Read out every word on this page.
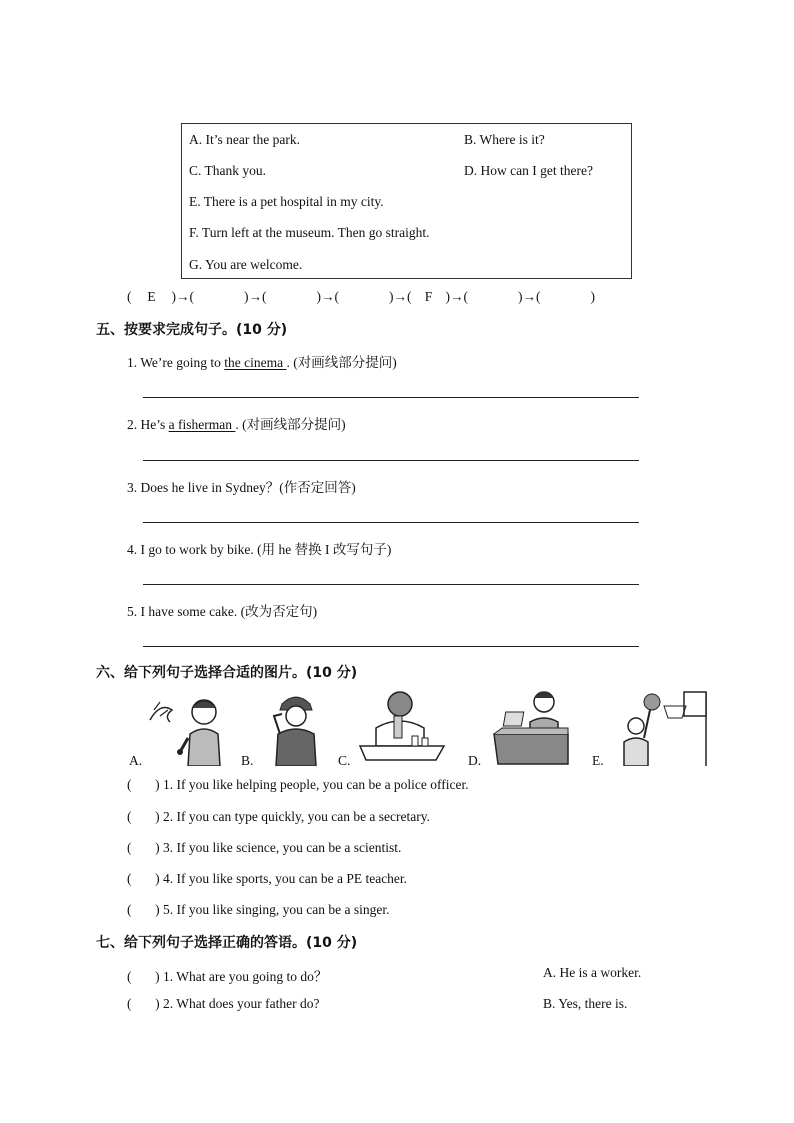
A. It’s near the park.	B. Where is it?
C. Thank you.	D. How can I get there?
E. There is a pet hospital in my city.
F. Turn left at the museum. Then go straight.
G. You are welcome.
( E )→(	)→(	)→(	)→( F )→(	)→(	)
五、按要求完成句子。(10 分)
1. We’re going to the cinema . (对画线部分提问)
2. He’s a fisherman . (对画线部分提问)
3. Does he live in Sydney？(作否定回答)
4. I go to work by bike. (用 he 替换 I 改写句子)
5. I have some cake. (改为否定句)
六、给下列句子选择合适的图片。(10 分)
A.	B.	C.	D.	E.
(       ) 1. If you like helping people, you can be a police officer.
(       ) 2. If you can type quickly, you can be a secretary.
(       ) 3. If you like science, you can be a scientist.
(       ) 4. If you like sports, you can be a PE teacher.
(       ) 5. If you like singing, you can be a singer.
七、给下列句子选择正确的答语。(10 分)
(       ) 1. What are you going to do？	A. He is a worker.
(       ) 2. What does your father do?	B. Yes, there is.
